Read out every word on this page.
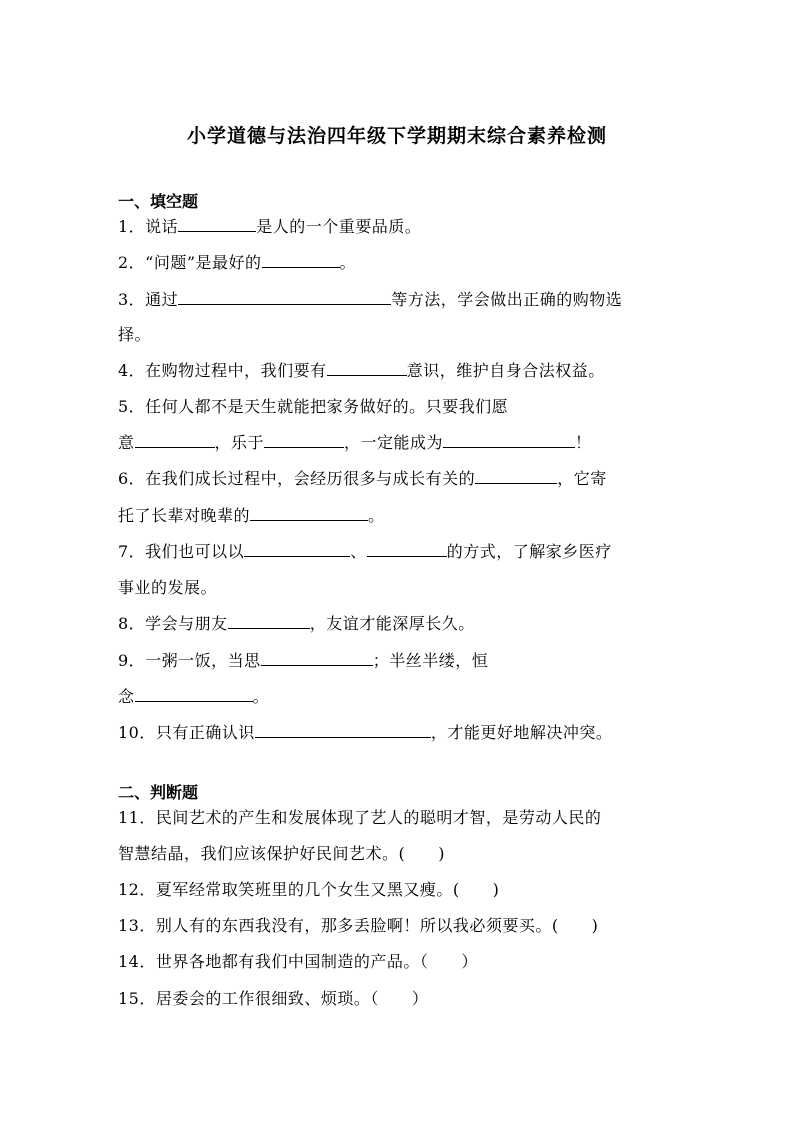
小学道德与法治四年级下学期期末综合素养检测
一、填空题
1．说话	是人的一个重要品质。
2．“问题”是最好的	。
3．通过	等方法，学会做出正确的购物选
择。
4．在购物过程中，我们要有	意识，维护自身合法权益。
5．任何人都不是天生就能把家务做好的。只要我们愿
意	，乐于	，一定能成为	！
6．在我们成长过程中，会经历很多与成长有关的	，它寄
托了长辈对晚辈的	。
7．我们也可以以	、	的方式，了解家乡医疗
事业的发展。
8．学会与朋友	，友谊才能深厚长久。
9．一粥一饭，当思	；半丝半缕，恒
念	。
10．只有正确认识	，才能更好地解决冲突。
二、判断题
11．民间艺术的产生和发展体现了艺人的聪明才智，是劳动人民的
智慧结晶，我们应该保护好民间艺术。(　　)
12．夏军经常取笑班里的几个女生又黑又瘦。(　　)
13．别人有的东西我没有，那多丢脸啊！所以我必须要买。(　　)
14．世界各地都有我们中国制造的产品。（　　）
15．居委会的工作很细致、烦琐。（　　）
